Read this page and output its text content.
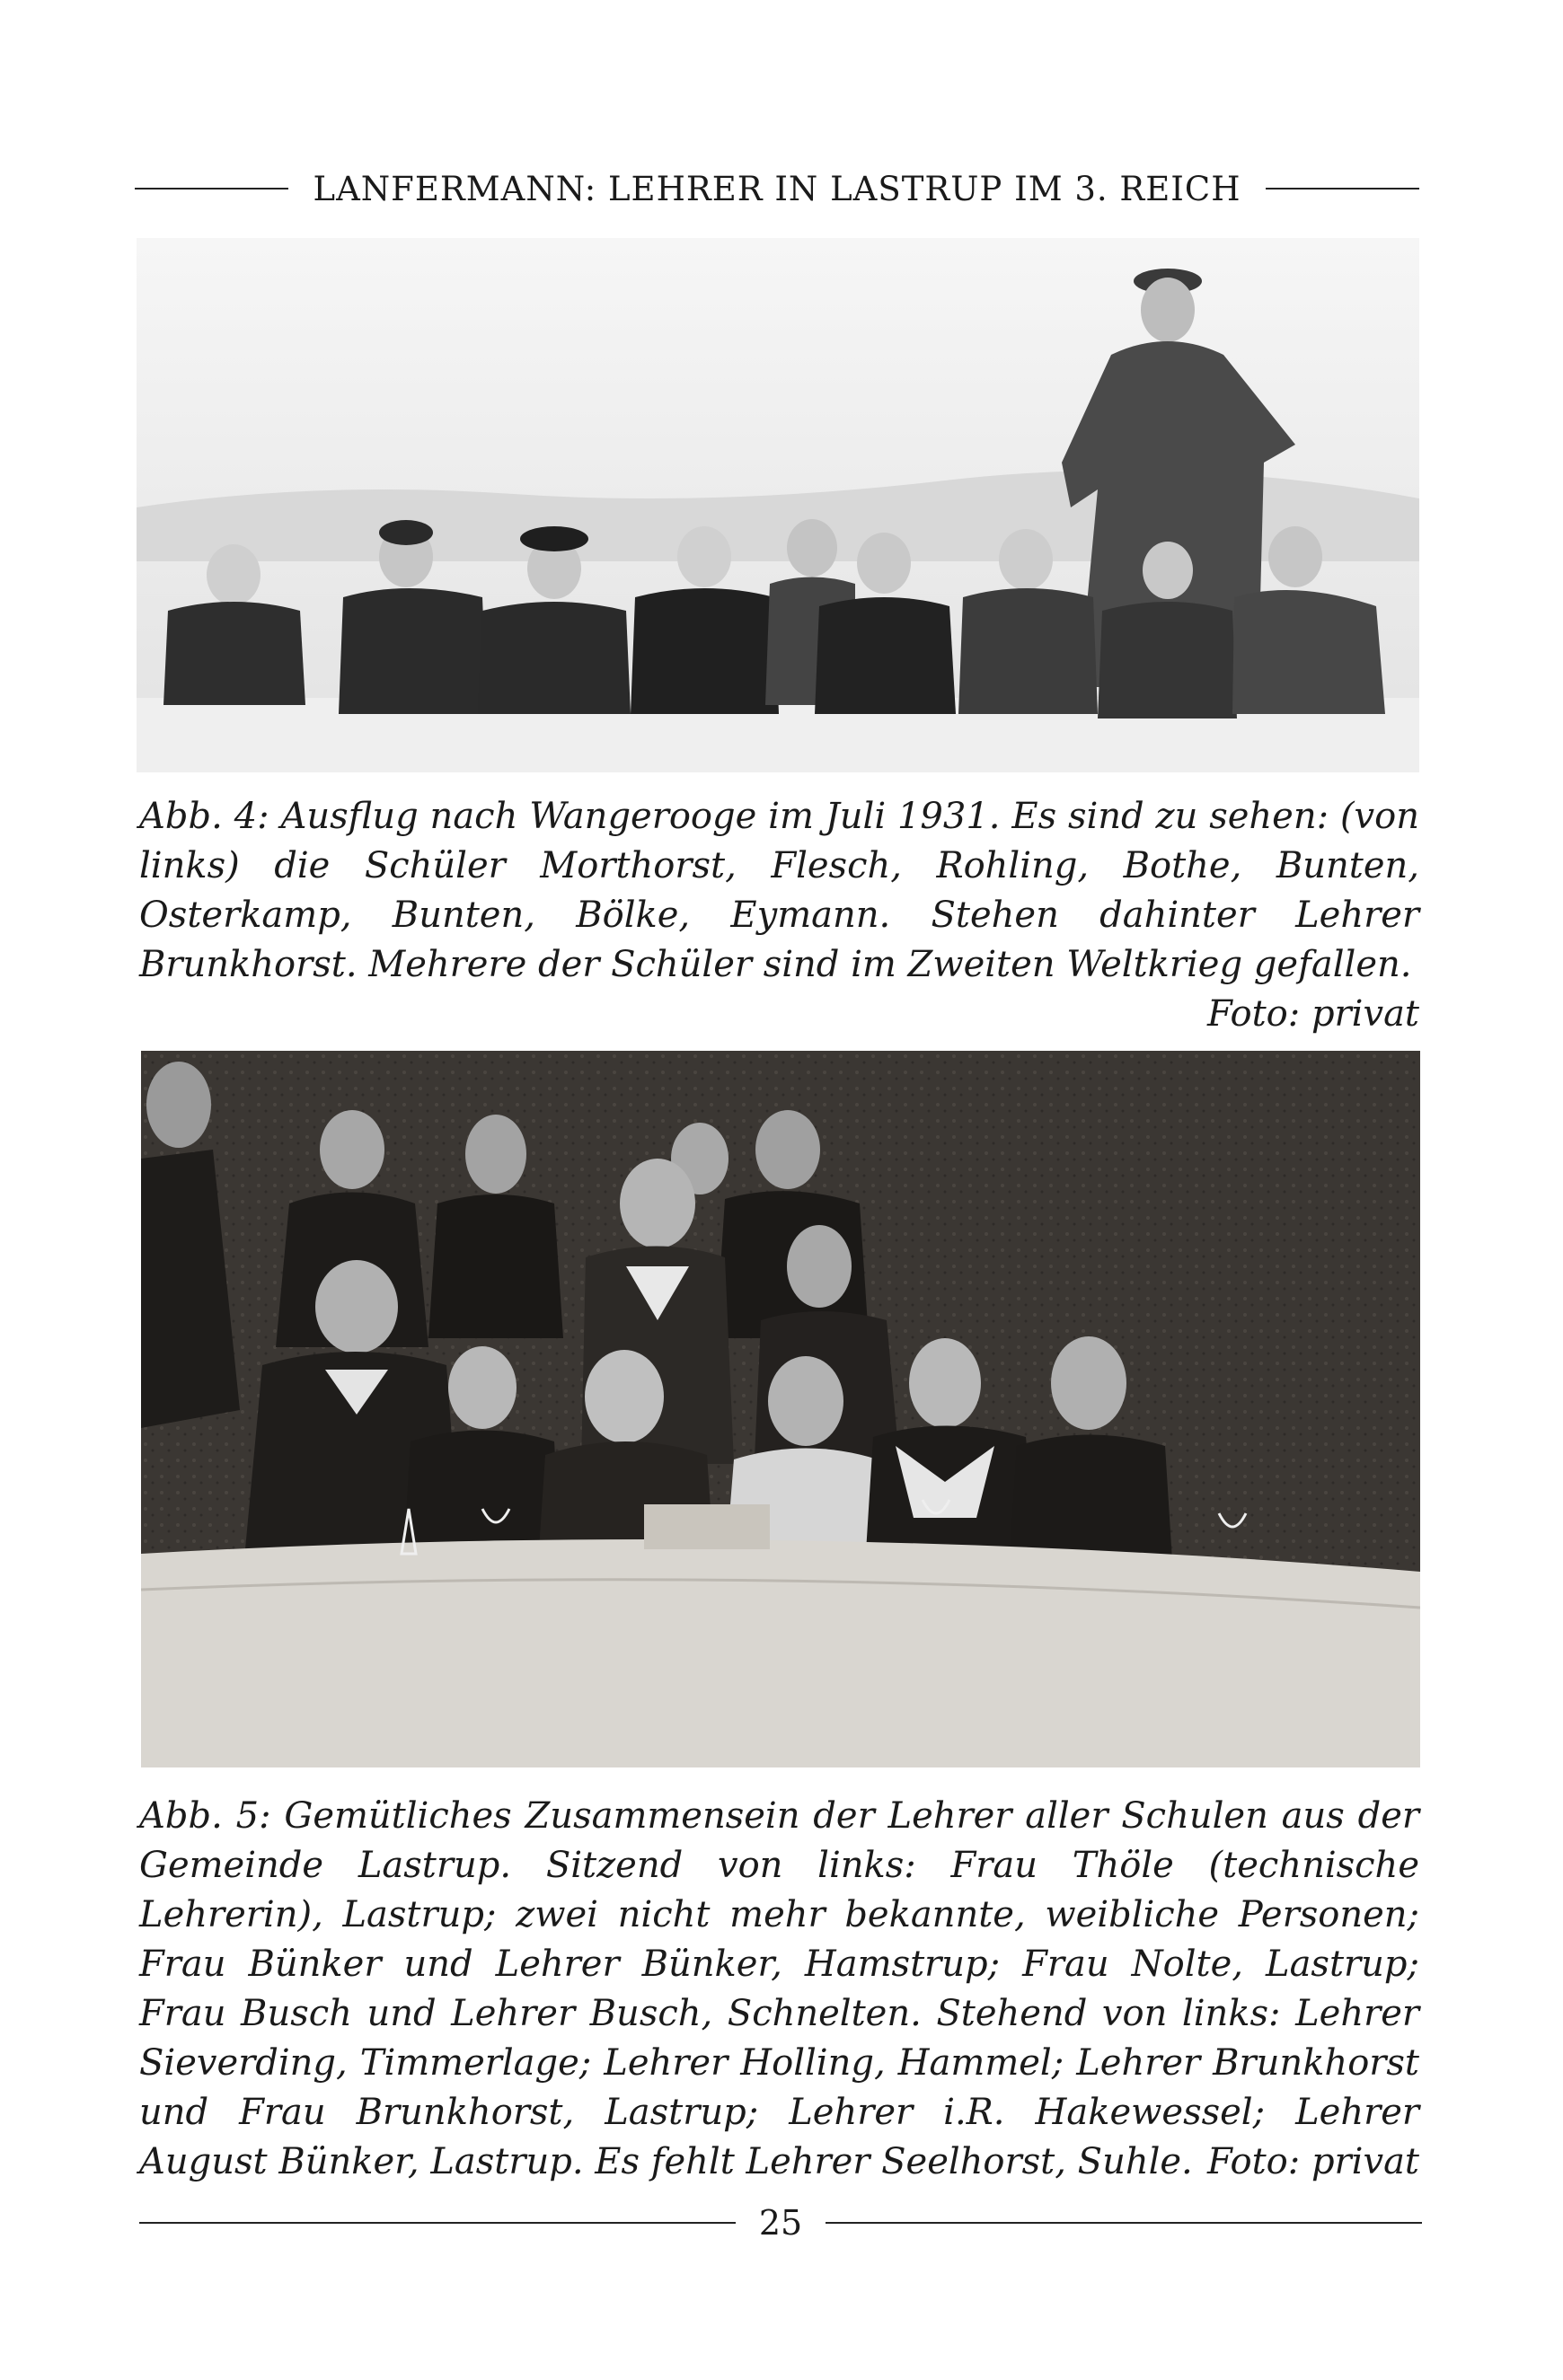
LANFERMANN: LEHRER IN LASTRUP IM 3. REICH
Abb. 4: Ausflug nach Wangerooge im Juli 1931. Es sind zu sehen: (von links) die Schüler Morthorst, Flesch, Rohling, Bothe, Bunten, Osterkamp, Bunten, Bölke, Eymann. Stehen dahinter Lehrer Brunkhorst. Mehrere der Schüler sind im Zweiten Weltkrieg gefallen.
Foto: privat
Abb. 5: Gemütliches Zusammensein der Lehrer aller Schulen aus der Gemeinde Lastrup. Sitzend von links: Frau Thöle (technische Lehrerin), Lastrup; zwei nicht mehr bekannte, weibliche Personen; Frau Bünker und Lehrer Bünker, Hamstrup; Frau Nolte, Lastrup; Frau Busch und Lehrer Busch, Schnelten. Stehend von links: Lehrer Sieverding, Timmerlage; Lehrer Holling, Hammel; Lehrer Brunkhorst und Frau Brunkhorst, Lastrup; Lehrer i.R. Hakewessel; Lehrer August Bünker, Lastrup. Es fehlt Lehrer Seelhorst, Suhle. Foto: privat
25
